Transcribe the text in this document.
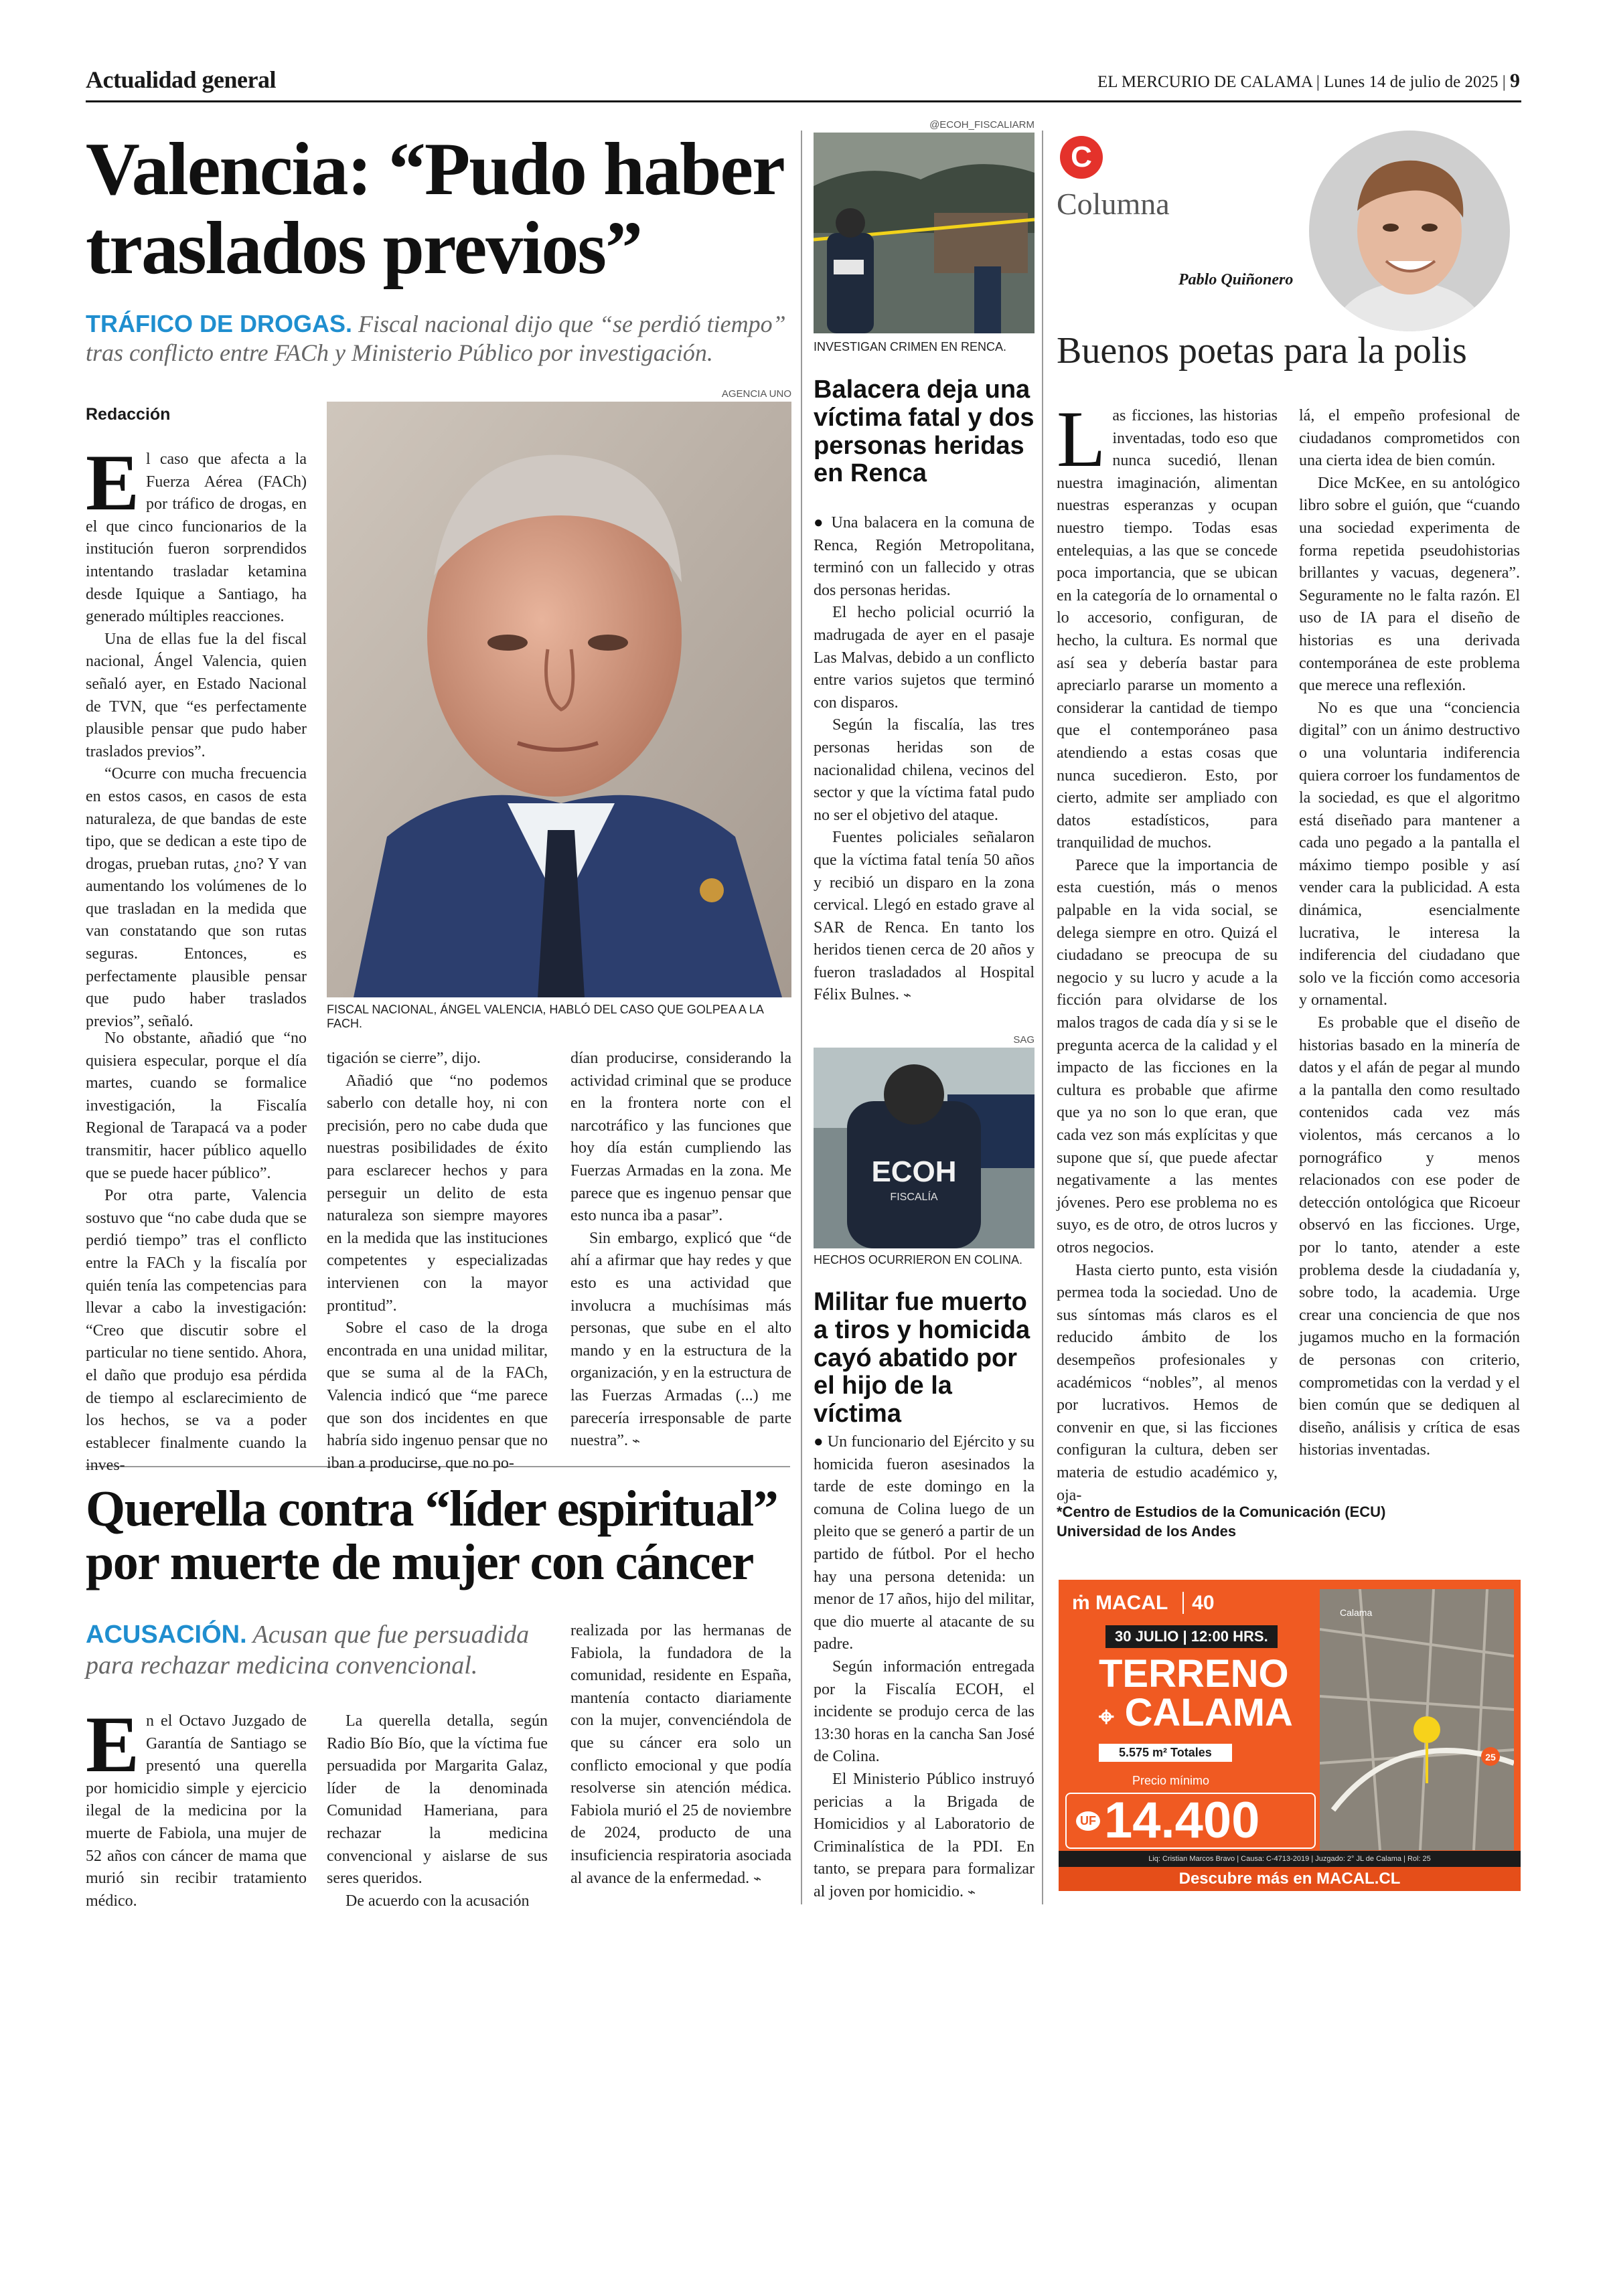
Actualidad general	EL MERCURIO DE CALAMA | Lunes 14 de julio de 2025 | 9
Valencia: “Pudo haber
traslados previos”
TRÁFICO DE DROGAS. Fiscal nacional dijo que “se perdió tiempo”
tras conflicto entre FACh y Ministerio Público por investigación.
Redacción
AGENCIA UNO
FISCAL NACIONAL, ÁNGEL VALENCIA, HABLÓ DEL CASO QUE GOLPEA A LA FACH.
E l caso que afecta a la Fuerza Aérea (FACh) por tráfico de drogas, en el que cinco funcionarios de la institución fueron sorprendidos intentando trasladar ketamina desde Iquique a Santiago, ha generado múltiples reacciones.

Una de ellas fue la del fiscal nacional, Ángel Valencia, quien señaló ayer, en Estado Nacional de TVN, que “es perfectamente plausible pensar que pudo haber traslados previos”.

“Ocurre con mucha frecuencia en estos casos, en casos de esta naturaleza, de que bandas de este tipo, que se dedican a este tipo de drogas, prueban rutas, ¿no? Y van aumentando los volúmenes de lo que trasladan en la medida que van constatando que son rutas seguras. Entonces, es perfectamente plausible pensar que pudo haber traslados previos”, señaló.

No obstante, añadió que “no quisiera especular, porque el día martes, cuando se formalice investigación, la Fiscalía Regional de Tarapacá va a poder transmitir, hacer público aquello que se puede hacer público”.

Por otra parte, Valencia sostuvo que “no cabe duda que se perdió tiempo” tras el conflicto entre la FACh y la fiscalía por quién tenía las competencias para llevar a cabo la investigación: “Creo que discutir sobre el particular no tiene sentido. Ahora, el daño que produjo esa pérdida de tiempo al esclarecimiento de los hechos, se va a poder establecer finalmente cuando la inves-

tigación se cierre”, dijo.

Añadió que “no podemos saberlo con detalle hoy, ni con precisión, pero no cabe duda que nuestras posibilidades de éxito para esclarecer hechos y para perseguir un delito de esta naturaleza son siempre mayores en la medida que las instituciones competentes y especializadas intervienen con la mayor prontitud”.

Sobre el caso de la droga encontrada en una unidad militar, que se suma al de la FACh, Valencia indicó que “me parece que son dos incidentes en que habría sido ingenuo pensar que no iban a producirse, que no po-

dían producirse, considerando la actividad criminal que se produce en la frontera norte con el narcotráfico y las funciones que hoy día están cumpliendo las Fuerzas Armadas en la zona. Me parece que es ingenuo pensar que esto nunca iba a pasar”.

Sin embargo, explicó que “de ahí a afirmar que hay redes y que esto es una actividad que involucra a muchísimas más personas, que sube en el alto mando y en la estructura de la organización, y en la estructura de las Fuerzas Armadas (...) me parecería irresponsable de parte nuestra”. ⌁

Querella contra “líder espiritual”
por muerte de mujer con cáncer
ACUSACIÓN. Acusan que fue persuadida
para rechazar medicina convencional.
E n el Octavo Juzgado de Garantía de Santiago se presentó una querella por homicidio simple y ejercicio ilegal de la medicina por la muerte de Fabiola, una mujer de 52 años con cáncer de mama que murió sin recibir tratamiento médico.

La querella detalla, según Radio Bío Bío, que la víctima fue persuadida por Margarita Galaz, líder de la denominada Comunidad Hameriana, para rechazar la medicina convencional y aislarse de sus seres queridos.

De acuerdo con la acusación

realizada por las hermanas de Fabiola, la fundadora de la comunidad, residente en España, mantenía contacto diariamente con la mujer, convenciéndola de que su cáncer era solo un conflicto emocional y que podía resolverse sin atención médica. Fabiola murió el 25 de noviembre de 2024, producto de una insuficiencia respiratoria asociada al avance de la enfermedad. ⌁

@ECOH_FISCALIARM
INVESTIGAN CRIMEN EN RENCA.
Balacera deja una víctima fatal y dos personas heridas en Renca

● Una balacera en la comuna de Renca, Región Metropolitana, terminó con un fallecido y otras dos personas heridas.

El hecho policial ocurrió la madrugada de ayer en el pasaje Las Malvas, debido a un conflicto entre varios sujetos que terminó con disparos.

Según la fiscalía, las tres personas heridas son de nacionalidad chilena, vecinos del sector y que la víctima fatal pudo no ser el objetivo del ataque.

Fuentes policiales señalaron que la víctima fatal tenía 50 años y recibió un disparo en la zona cervical. Llegó en estado grave al SAR de Renca. En tanto los heridos tienen cerca de 20 años y fueron trasladados al Hospital Félix Bulnes. ⌁

SAG
ECOH
FISCALÍA
HECHOS OCURRIERON EN COLINA.
Militar fue muerto a tiros y homicida cayó abatido por el hijo de la víctima

● Un funcionario del Ejército y su homicida fueron asesinados la tarde de este domingo en la comuna de Colina luego de un pleito que se generó a partir de un partido de fútbol. Por el hecho hay una persona detenida: un menor de 17 años, hijo del militar, que dio muerte al atacante de su padre.

Según información entregada por la Fiscalía ECOH, el incidente se produjo cerca de las 13:30 horas en la cancha San José de Colina.

El Ministerio Público instruyó pericias a la Brigada de Homicidios y al Laboratorio de Criminalística de la PDI. En tanto, se prepara para formalizar al joven por homicidio. ⌁

C
Columna
Pablo Quiñonero
Buenos poetas para la polis
L as ficciones, las historias inventadas, todo eso que nunca sucedió, llenan nuestra imaginación, alimentan nuestras esperanzas y ocupan nuestro tiempo. Todas esas entelequias, a las que se concede poca importancia, que se ubican en la categoría de lo ornamental o lo accesorio, configuran, de hecho, la cultura. Es normal que así sea y debería bastar para apreciarlo pararse un momento a considerar la cantidad de tiempo que el contemporáneo pasa atendiendo a estas cosas que nunca sucedieron. Esto, por cierto, admite ser ampliado con datos estadísticos, para tranquilidad de muchos.

Parece que la importancia de esta cuestión, más o menos palpable en la vida social, se delega siempre en otro. Quizá el ciudadano se preocupa de su negocio y su lucro y acude a la ficción para olvidarse de los malos tragos de cada día y si se le pregunta acerca de la calidad y el impacto de las ficciones en la cultura es probable que afirme que ya no son lo que eran, que cada vez son más explícitas y que supone que sí, que puede afectar negativamente a las mentes jóvenes. Pero ese problema no es suyo, es de otro, de otros lucros y otros negocios.

Hasta cierto punto, esta visión permea toda la sociedad. Uno de sus síntomas más claros es el reducido ámbito de los desempeños profesionales y académicos “nobles”, al menos por lucrativos. Hemos de convenir en que, si las ficciones configuran la cultura, deben ser materia de estudio académico y, oja-

lá, el empeño profesional de ciudadanos comprometidos con una cierta idea de bien común.

Dice McKee, en su antológico libro sobre el guión, que “cuando una sociedad experimenta de forma repetida pseudohistorias brillantes y vacuas, degenera”. Seguramente no le falta razón. El uso de IA para el diseño de historias es una derivada contemporánea de este problema que merece una reflexión.

No es que una “conciencia digital” con un ánimo destructivo o una voluntaria indiferencia quiera corroer los fundamentos de la sociedad, es que el algoritmo está diseñado para mantener a cada uno pegado a la pantalla el máximo tiempo posible y así vender cara la publicidad. A esta dinámica, esencialmente lucrativa, le interesa la indiferencia del ciudadano que solo ve la ficción como accesoria y ornamental.

Es probable que el diseño de historias basado en la minería de datos y el afán de pegar al mundo a la pantalla den como resultado contenidos cada vez más violentos, más cercanos a lo pornográfico y menos relacionados con ese poder de detección ontológica que Ricoeur observó en las ficciones. Urge, por lo tanto, atender a este problema desde la ciudadanía y, sobre todo, la academia. Urge crear una conciencia de que nos jugamos mucho en la formación de personas con criterio, comprometidas con la verdad y el bien común que se dediquen al diseño, análisis y crítica de esas historias inventadas.

*Centro de Estudios de la Comunicación (ECU)
Universidad de los Andes
ṁ MACAL 40
30 JULIO | 12:00 HRS.
TERRENO
⌖ CALAMA
5.575 m² Totales
Precio mínimo
UF 14.400
25
Calama
Liq: Cristian Marcos Bravo | Causa: C-4713-2019 | Juzgado: 2° JL de Calama | Rol: 25
Descubre más en MACAL.CL
